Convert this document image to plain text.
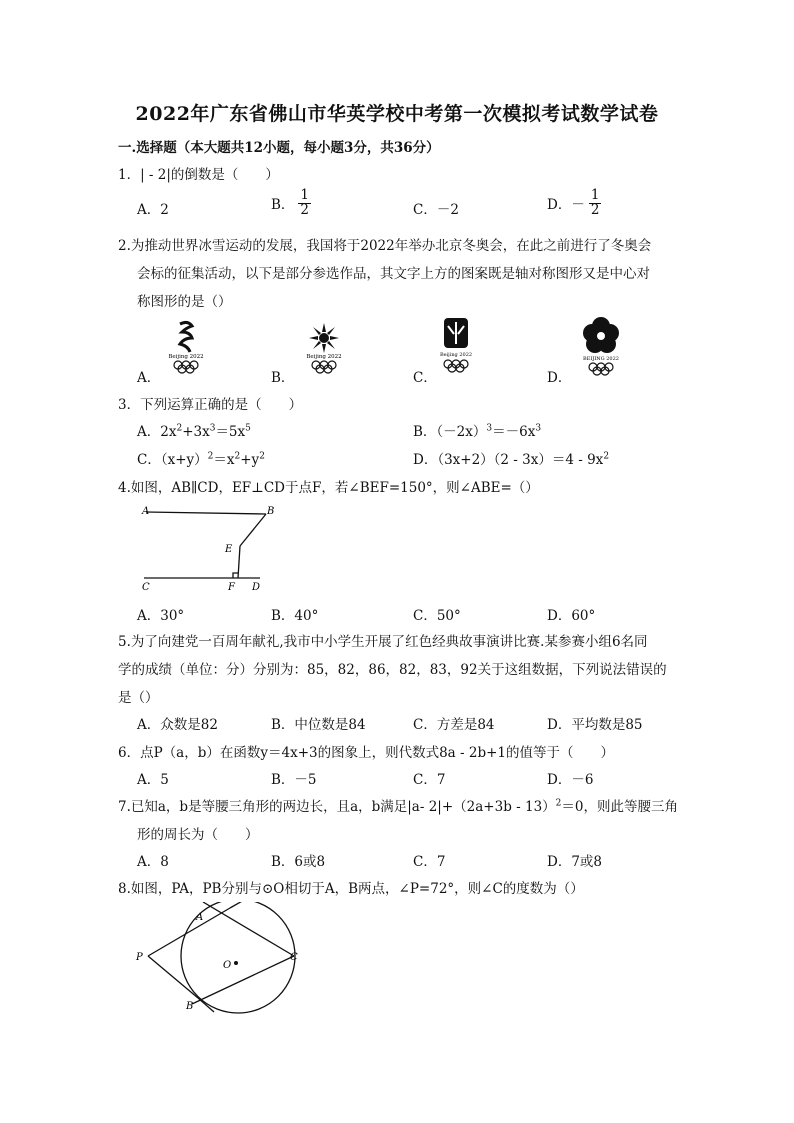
2022年广东省佛山市华英学校中考第一次模拟考试数学试卷
一.选择题（本大题共12小题，每小题3分，共36分）
1．| - 2|的倒数是（　　）
A．2	B． $\frac{1}{2}$	C．－2	D．－ $\frac{1}{2}$
2.为推动世界冰雪运动的发展，我国将于2022年举办北京冬奥会，在此之前进行了冬奥会
会标的征集活动，以下是部分参选作品，其文字上方的图案既是轴对称图形又是中心对
称图形的是（）
Beijing 2022	Beijing 2022	Beijing 2022
BEIJING 2022
A．	B．	C．	D．
3．下列运算正确的是（　　）
A．$2x^2+3x^3=5x^5$	B．$(-2x)^3=-6x^3$
C．$(x+y)^2=x^2+y^2$	D．$(3x+2)(2 - 3x)=4 - 9x^2$
4.如图，AB∥CD，EF⊥CD于点F，若∠BEF=150°，则∠ABE=（）
A	B
E
C	F D
A．30°	B．40°	C．50°	D．60°
5.为了向建党一百周年献礼,我市中小学生开展了红色经典故事演讲比赛.某参赛小组6名同
学的成绩（单位：分）分别为：85，82，86，82，83，92关于这组数据，下列说法错误的
是（）
A．众数是82	B．中位数是84	C．方差是84	D．平均数是85
6．点P（a，b）在函数y＝4x+3的图象上，则代数式8a - 2b+1的值等于（　　）
A．5	B．－5	C．7	D．－6
7.已知a，b是等腰三角形的两边长，且a，b满足|a- $2|+(2a+3b - 13)^2=0$，则此等腰三角
形的周长为（　　）
A．8	B．6或8	C．7	D．7或8
8.如图，PA，PB分别与⊙O相切于A，B两点，∠P=72°，则∠C的度数为（）
P
A
B
C
O
